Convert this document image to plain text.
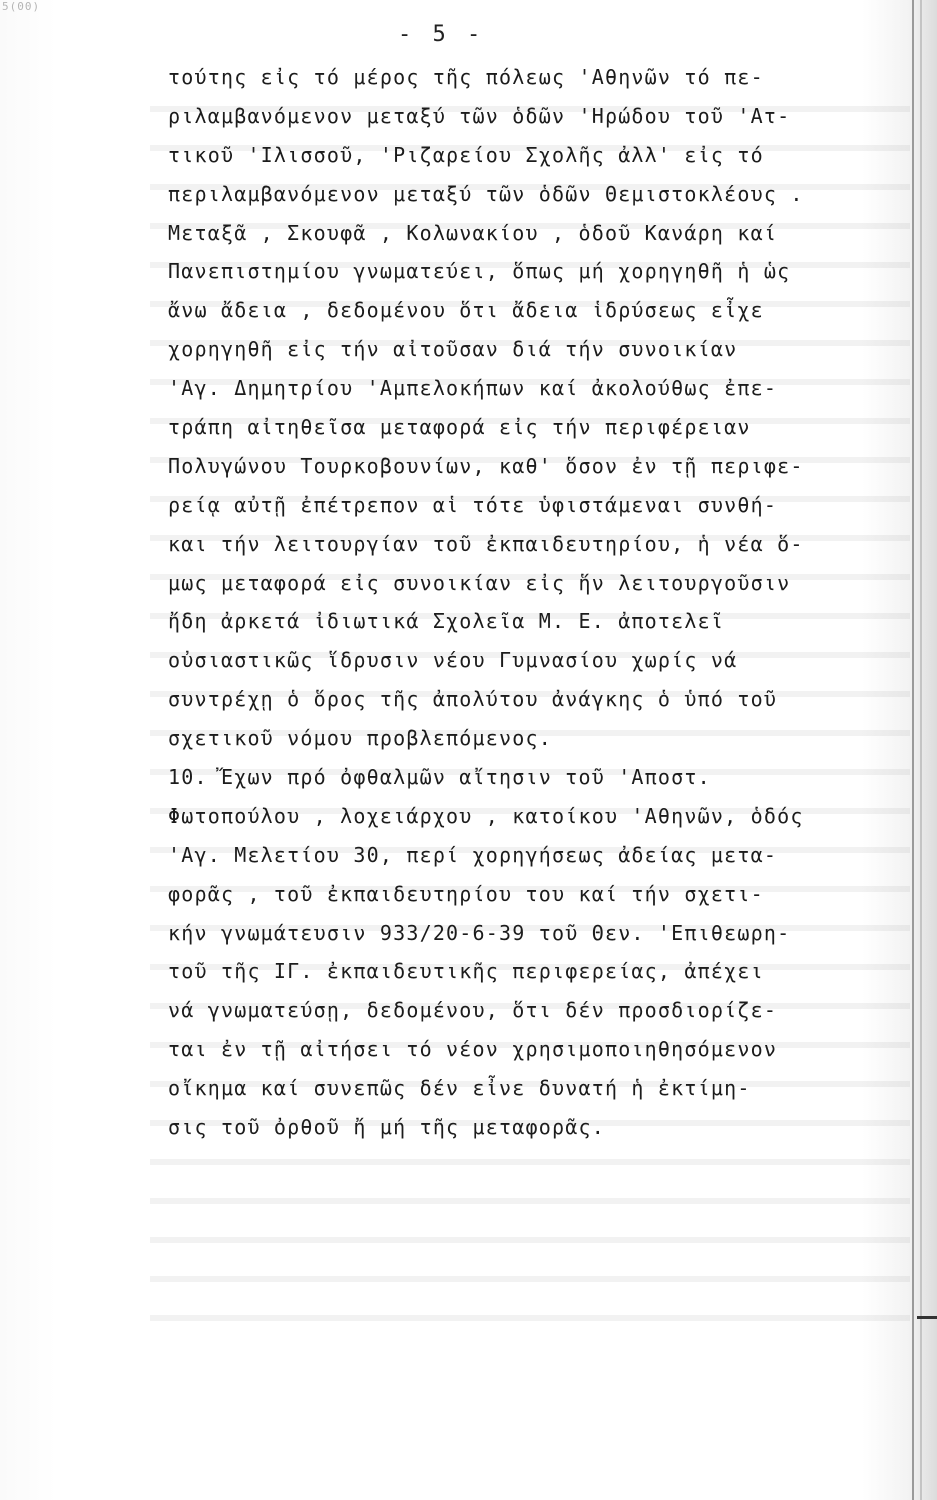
5(00)
- 5 -
τούτης εἰς τό μέρος τῆς πόλεως 'Αθηνῶν τό πε-
ριλαμβανόμενον μεταξύ τῶν ὁδῶν 'Ηρώδου τοῦ 'Ατ-
τικοῦ 'Ιλισσοῦ, 'Ριζαρείου Σχολῆς ἀλλ' εἰς τό
περιλαμβανόμενον μεταξύ τῶν ὁδῶν Θεμιστοκλέους .
Μεταξᾶ , Σκουφᾶ , Κολωνακίου , ὁδοῦ Κανάρη καί
Πανεπιστημίου γνωματεύει, ὅπως μή χορηγηθῆ ἡ ὡς
ἄνω ἄδεια , δεδομένου ὅτι ἄδεια ἱδρύσεως εἶχε
χορηγηθῆ εἰς τήν αἰτοῦσαν διά τήν συνοικίαν
'Αγ. Δημητρίου 'Αμπελοκήπων καί ἀκολούθως ἐπε-
τράπη αἰτηθεῖσα μεταφορά εἰς τήν περιφέρειαν
Πολυγώνου Τουρκοβουνίων, καθ' ὅσον ἐν τῇ περιφε-
ρείᾳ αὐτῇ ἐπέτρεπον αἱ τότε ὑφιστάμεναι συνθή-
και τήν λειτουργίαν τοῦ ἐκπαιδευτηρίου, ἡ νέα ὅ-
μως μεταφορά εἰς συνοικίαν εἰς ἥν λειτουργοῦσιν
ἤδη ἀρκετά ἰδιωτικά Σχολεῖα Μ. Ε. ἀποτελεῖ
οὐσιαστικῶς ἵδρυσιν νέου Γυμνασίου χωρίς νά
συντρέχῃ ὁ ὅρος τῆς ἀπολύτου ἀνάγκης ὁ ὑπό τοῦ
σχετικοῦ νόμου προβλεπόμενος.
10. Ἔχων πρό ὀφθαλμῶν αἴτησιν τοῦ 'Αποστ.
Φωτοπούλου , λοχειάρχου , κατοίκου 'Αθηνῶν, ὁδός
'Αγ. Μελετίου 30, περί χορηγήσεως ἀδείας μετα-
φορᾶς , τοῦ ἐκπαιδευτηρίου του καί τήν σχετι-
κήν γνωμάτευσιν 933/20-6-39 τοῦ Θεν. 'Επιθεωρη-
τοῦ τῆς ΙΓ. ἐκπαιδευτικῆς περιφερείας, ἀπέχει
νά γνωματεύσῃ, δεδομένου, ὅτι δέν προσδιορίζε-
ται ἐν τῇ αἰτήσει τό νέον χρησιμοποιηθησόμενον
οἴκημα καί συνεπῶς δέν εἶνε δυνατή ἡ ἐκτίμη-
σις τοῦ ὀρθοῦ ἤ μή τῆς μεταφορᾶς.
